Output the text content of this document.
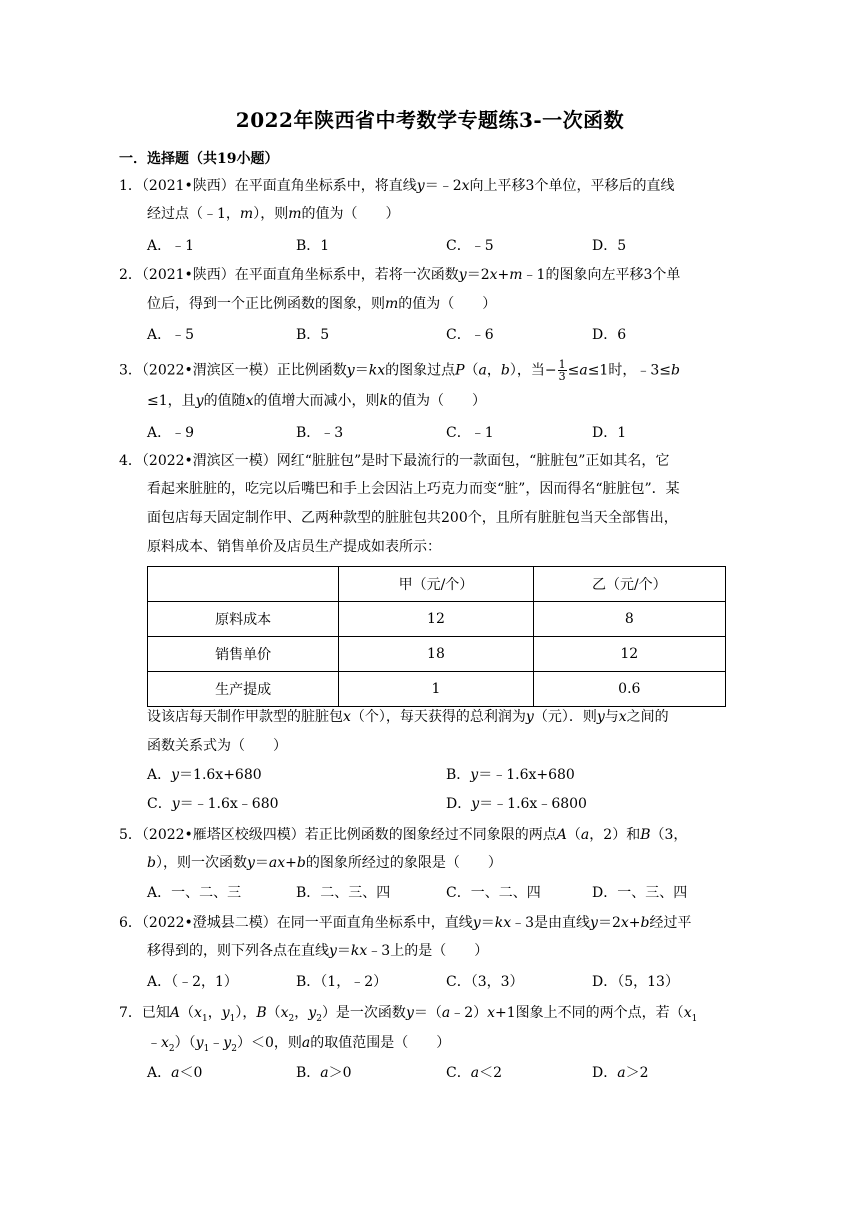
2022年陕西省中考数学专题练3-一次函数
一．选择题（共19小题）
1．（2021•陕西）在平面直角坐标系中，将直线y＝﹣2x向上平移3个单位，平移后的直线
经过点（﹣1，m），则m的值为（　　）
A．﹣1	B．1	C．﹣5	D．5
2．（2021•陕西）在平面直角坐标系中，若将一次函数y＝2x+m﹣1的图象向左平移3个单
位后，得到一个正比例函数的图象，则m的值为（　　）
A．﹣5	B．5	C．﹣6	D．6
3．（2022•渭滨区一模）正比例函数y＝kx的图象过点P（a，b），当− $\frac{1}{3} \le a\le 1$时，﹣3≤b
≤1，且y的值随x的值增大而减小，则k的值为（　　）
A．﹣9	B．﹣3	C．﹣1	D．1
4．（2022•渭滨区一模）网红“脏脏包”是时下最流行的一款面包，“脏脏包”正如其名，它
看起来脏脏的，吃完以后嘴巴和手上会因沾上巧克力而变“脏”，因而得名“脏脏包”．某
面包店每天固定制作甲、乙两种款型的脏脏包共200个，且所有脏脏包当天全部售出，
原料成本、销售单价及店员生产提成如表所示：
	甲（元/个）	乙（元/个）
原料成本	12	8
销售单价	18	12
生产提成	1	0.6
设该店每天制作甲款型的脏脏包x（个），每天获得的总利润为y（元）．则y与x之间的
函数关系式为（　　）
A．y＝1.6x+680	B．y＝﹣1.6x+680
C．y＝﹣1.6x﹣680	D．y＝﹣1.6x﹣6800
5．（2022•雁塔区校级四模）若正比例函数的图象经过不同象限的两点A（a，2）和B（3，
b），则一次函数y＝ax+b的图象所经过的象限是（　　）
A．一、二、三	B．二、三、四	C．一、二、四	D．一、三、四
6．（2022•澄城县二模）在同一平面直角坐标系中，直线y＝kx﹣3是由直线y＝2x+b经过平
移得到的，则下列各点在直线y＝kx﹣3上的是（　　）
A．（﹣2，1）	B．（1，﹣2）	C．（3，3）	D．（5，13）
7．已知$A(x_1$，$y_1$），$B(x_2$，$y_2$）是一次函数y＝（a﹣2）x+1图象上不同的两个点，若（$x_1$
$﹣x_2)(y_1﹣y_2)<0$，则a的取值范围是（　　）
A．a＜0	B．a＞0	C．a＜2	D．a＞2
